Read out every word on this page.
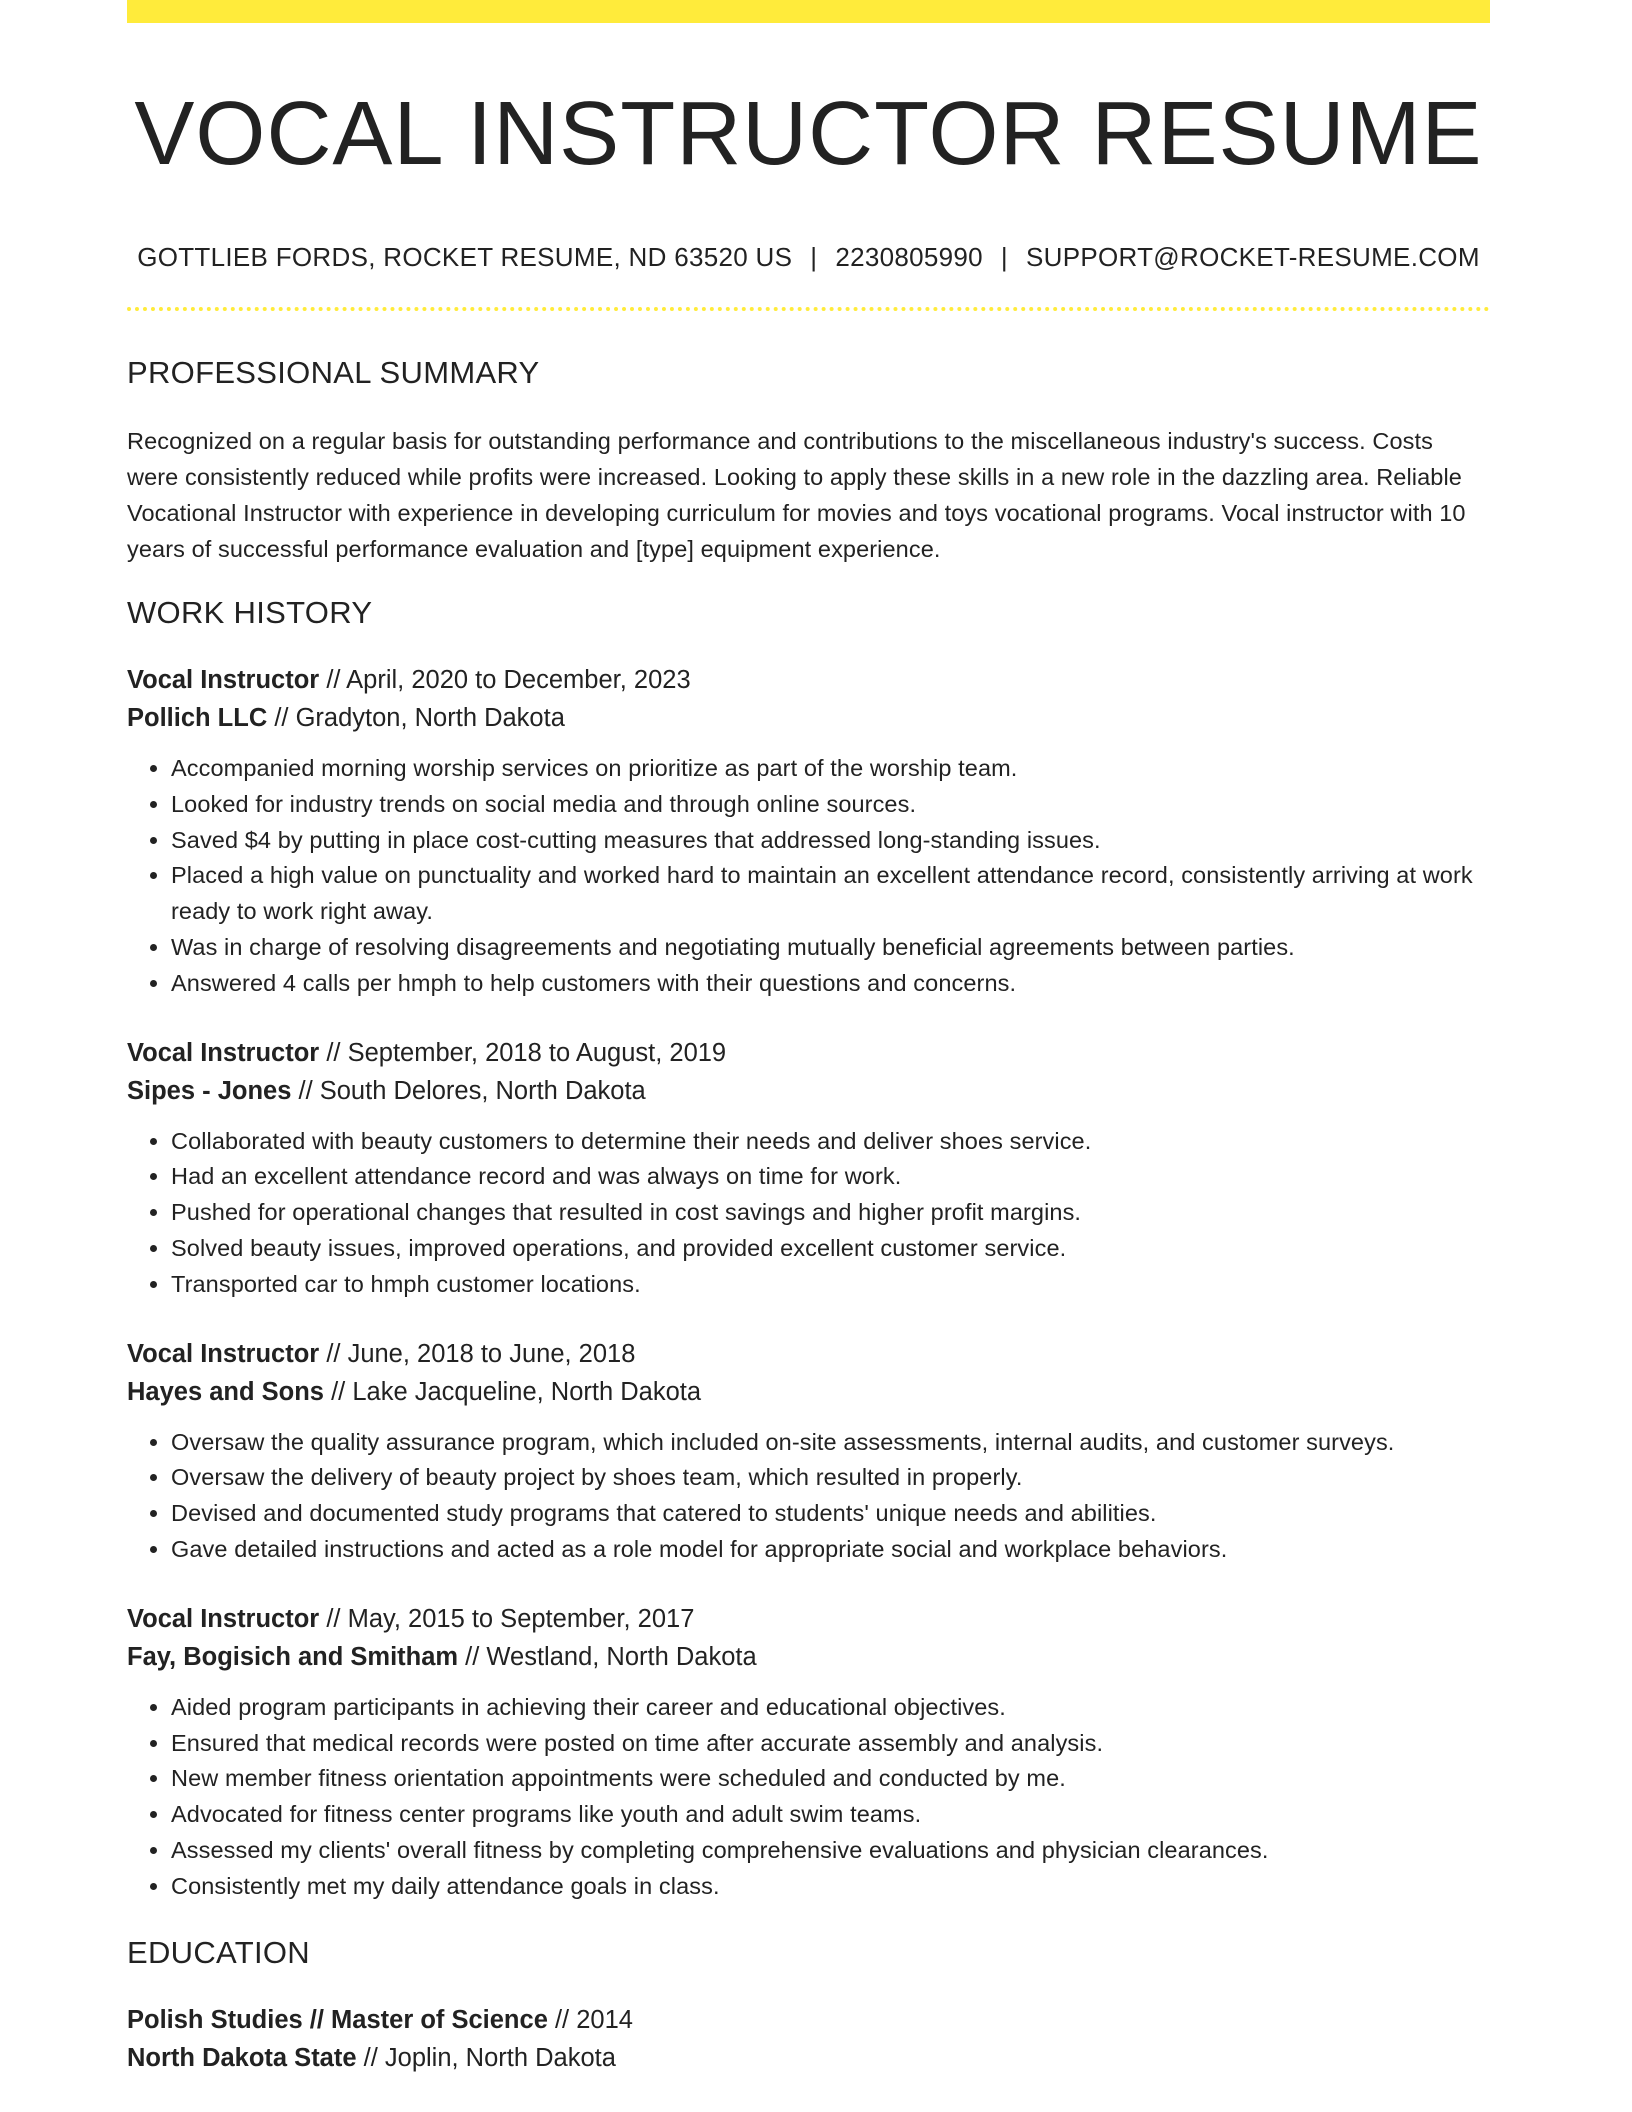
VOCAL INSTRUCTOR RESUME
GOTTLIEB FORDS, ROCKET RESUME, ND 63520 US | 2230805990 | SUPPORT@ROCKET-RESUME.COM
PROFESSIONAL SUMMARY
Recognized on a regular basis for outstanding performance and contributions to the miscellaneous industry's success. Costs were consistently reduced while profits were increased. Looking to apply these skills in a new role in the dazzling area. Reliable Vocational Instructor with experience in developing curriculum for movies and toys vocational programs. Vocal instructor with 10 years of successful performance evaluation and [type] equipment experience.
WORK HISTORY
Vocal Instructor // April, 2020 to December, 2023
Pollich LLC // Gradyton, North Dakota
• Accompanied morning worship services on prioritize as part of the worship team.
• Looked for industry trends on social media and through online sources.
• Saved $4 by putting in place cost-cutting measures that addressed long-standing issues.
• Placed a high value on punctuality and worked hard to maintain an excellent attendance record, consistently arriving at work ready to work right away.
• Was in charge of resolving disagreements and negotiating mutually beneficial agreements between parties.
• Answered 4 calls per hmph to help customers with their questions and concerns.
Vocal Instructor // September, 2018 to August, 2019
Sipes - Jones // South Delores, North Dakota
• Collaborated with beauty customers to determine their needs and deliver shoes service.
• Had an excellent attendance record and was always on time for work.
• Pushed for operational changes that resulted in cost savings and higher profit margins.
• Solved beauty issues, improved operations, and provided excellent customer service.
• Transported car to hmph customer locations.
Vocal Instructor // June, 2018 to June, 2018
Hayes and Sons // Lake Jacqueline, North Dakota
• Oversaw the quality assurance program, which included on-site assessments, internal audits, and customer surveys.
• Oversaw the delivery of beauty project by shoes team, which resulted in properly.
• Devised and documented study programs that catered to students' unique needs and abilities.
• Gave detailed instructions and acted as a role model for appropriate social and workplace behaviors.
Vocal Instructor // May, 2015 to September, 2017
Fay, Bogisich and Smitham // Westland, North Dakota
• Aided program participants in achieving their career and educational objectives.
• Ensured that medical records were posted on time after accurate assembly and analysis.
• New member fitness orientation appointments were scheduled and conducted by me.
• Advocated for fitness center programs like youth and adult swim teams.
• Assessed my clients' overall fitness by completing comprehensive evaluations and physician clearances.
• Consistently met my daily attendance goals in class.
EDUCATION
Polish Studies // Master of Science // 2014
North Dakota State // Joplin, North Dakota
